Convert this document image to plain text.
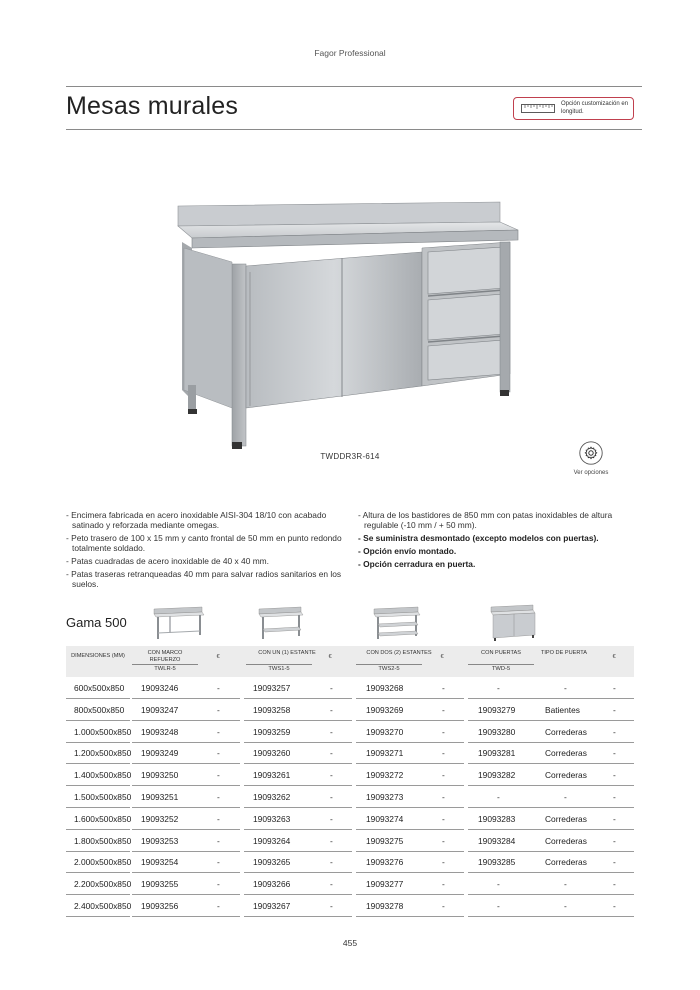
Fagor Professional
Mesas murales	Opción customización en longitud.
TWDDR3R-614
Ver opciones
- Encimera fabricada en acero inoxidable AISI-304 18/10 con acabado satinado y reforzada mediante omegas.
- Peto trasero de 100 x 15 mm y canto frontal de 50 mm en punto redondo totalmente soldado.
- Patas cuadradas de acero inoxidable de 40 x 40 mm.
- Patas traseras retranqueadas 40 mm para salvar radios sanitarios en los suelos.
- Altura de los bastidores de 850 mm con patas inoxidables de altura regulable (-10 mm / + 50 mm).
- Se suministra desmontado (excepto modelos con puertas).
- Opción envío montado.
- Opción cerradura en puerta.
Gama 500
DIMENSIONES (MM)	CON MARCO REFUERZO	€
CON UN (1) ESTANTE
€
CON DOS (2) ESTANTES
€
CON PUERTAS	TIPO DE PUERTA
€
TWLR-5	TWS1-5	TWS2-5	TWD-5
600x500x850 19093246	-	19093257	-	19093268	-	-	-	-
800x500x850 19093247	-	19093258	-	19093269	-	19093279	Batientes	-
1.000x500x850 19093248	-	19093259	-	19093270	-	19093280	Correderas	-
1.200x500x850 19093249	-	19093260	-	19093271	-	19093281	Correderas	-
1.400x500x850 19093250	-	19093261	-	19093272	-	19093282	Correderas	-
1.500x500x850 19093251	-	19093262	-	19093273	-	-	-	-
1.600x500x850 19093252	-	19093263	-	19093274	-	19093283	Correderas	-
1.800x500x850 19093253	-	19093264	-	19093275	-	19093284	Correderas	-
2.000x500x850 19093254	-	19093265	-	19093276	-	19093285	Correderas	-
2.200x500x850 19093255	-	19093266	-	19093277	-	-	-	-
2.400x500x850 19093256	-	19093267	-	19093278	-	-	-	-
455
